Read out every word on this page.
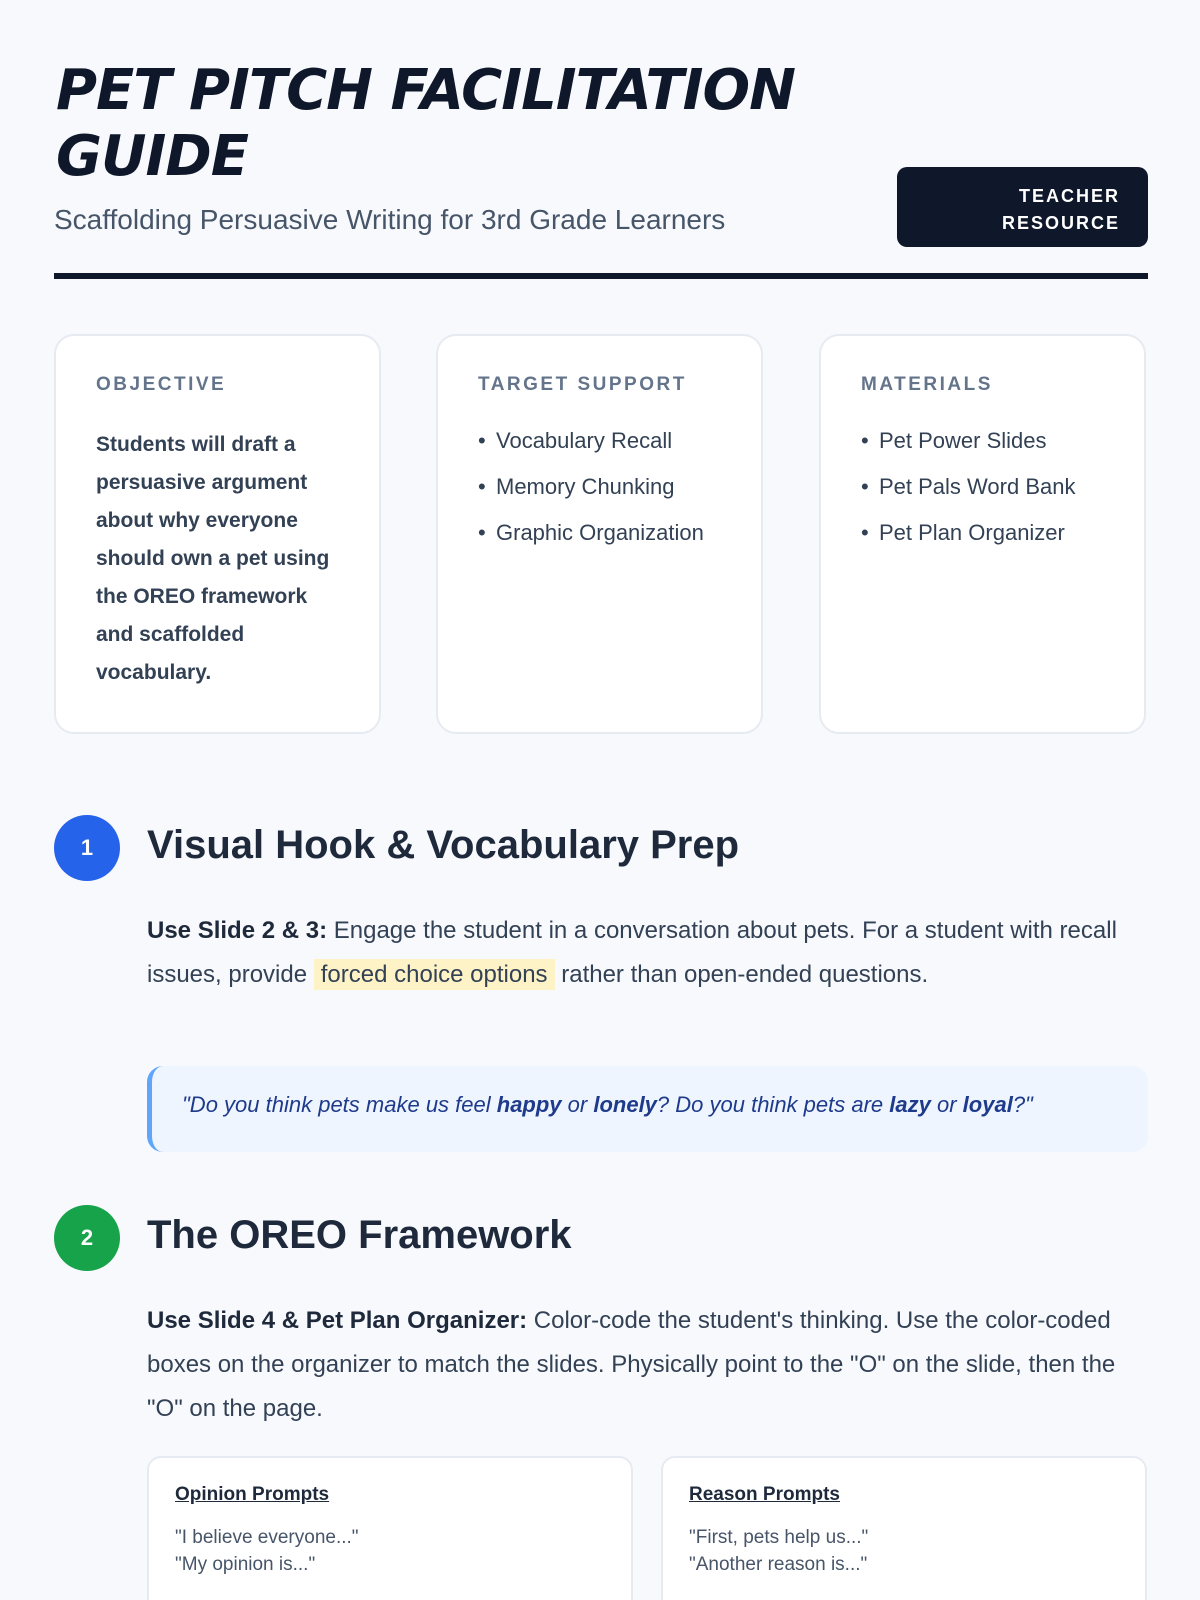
PET PITCH FACILITATION GUIDE
Scaffolding Persuasive Writing for 3rd Grade Learners
TEACHER
RESOURCE
OBJECTIVE
Students will draft a persuasive argument about why everyone should own a pet using the OREO framework and scaffolded vocabulary.
TARGET SUPPORT
• Vocabulary Recall
• Memory Chunking
• Graphic Organization
MATERIALS
• Pet Power Slides
• Pet Pals Word Bank
• Pet Plan Organizer
1	Visual Hook & Vocabulary Prep

Use Slide 2 & 3: Engage the student in a conversation about pets. For a student with recall issues, provide forced choice options rather than open-ended questions.

"Do you think pets make us feel happy or lonely? Do you think pets are lazy or loyal?"
2	The OREO Framework

Use Slide 4 & Pet Plan Organizer: Color-code the student's thinking. Use the color-coded boxes on the organizer to match the slides. Physically point to the "O" on the slide, then the "O" on the page.

Opinion Prompts
"I believe everyone..."
"My opinion is..."
Reason Prompts
"First, pets help us..."
"Another reason is..."
